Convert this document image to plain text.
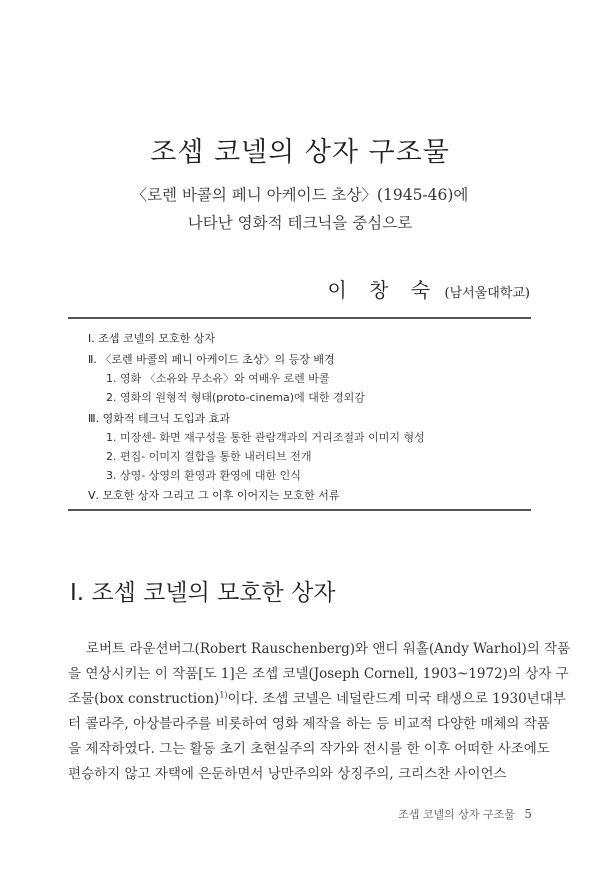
조셉 코넬의 상자 구조물
〈로렌 바콜의 페니 아케이드 초상〉(1945-46)에
나타난 영화적 테크닉을 중심으로
이 창 숙 (남서울대학교)
Ⅰ. 조셉 코넬의 모호한 상자
Ⅱ. 〈로렌 바콜의 페니 아케이드 초상〉의 등장 배경
1. 영화 〈소유와 무소유〉와 여배우 로렌 바콜
2. 영화의 원형적 형태(proto-cinema)에 대한 경외감
Ⅲ. 영화적 테크닉 도입과 효과
1. 미장센- 화면 재구성을 통한 관람객과의 거리조절과 이미지 형성
2. 편집- 이미지 결합을 통한 내러티브 전개
3. 상영- 상영의 환영과 환영에 대한 인식
Ⅴ. 모호한 상자 그리고 그 이후 이어지는 모호한 서류
Ⅰ. 조셉 코넬의 모호한 상자
로버트 라운션버그(Robert Rauschenberg)와 앤디 워홀(Andy Warhol)의 작품
을 연상시키는 이 작품[도 1]은 조셉 코넬(Joseph Cornell, 1903~1972)의 상자 구
조물(box construction)$^{1)}$이다. 조셉 코넬은 네덜란드계 미국 태생으로 1930년대부
터 콜라주, 아상블라주를 비롯하여 영화 제작을 하는 등 비교적 다양한 매체의 작품
을 제작하였다. 그는 활동 초기 초현실주의 작가와 전시를 한 이후 어떠한 사조에도
편승하지 않고 자택에 은둔하면서 낭만주의와 상징주의, 크리스찬 사이언스
조셉 코넬의 상자 구조물 5
